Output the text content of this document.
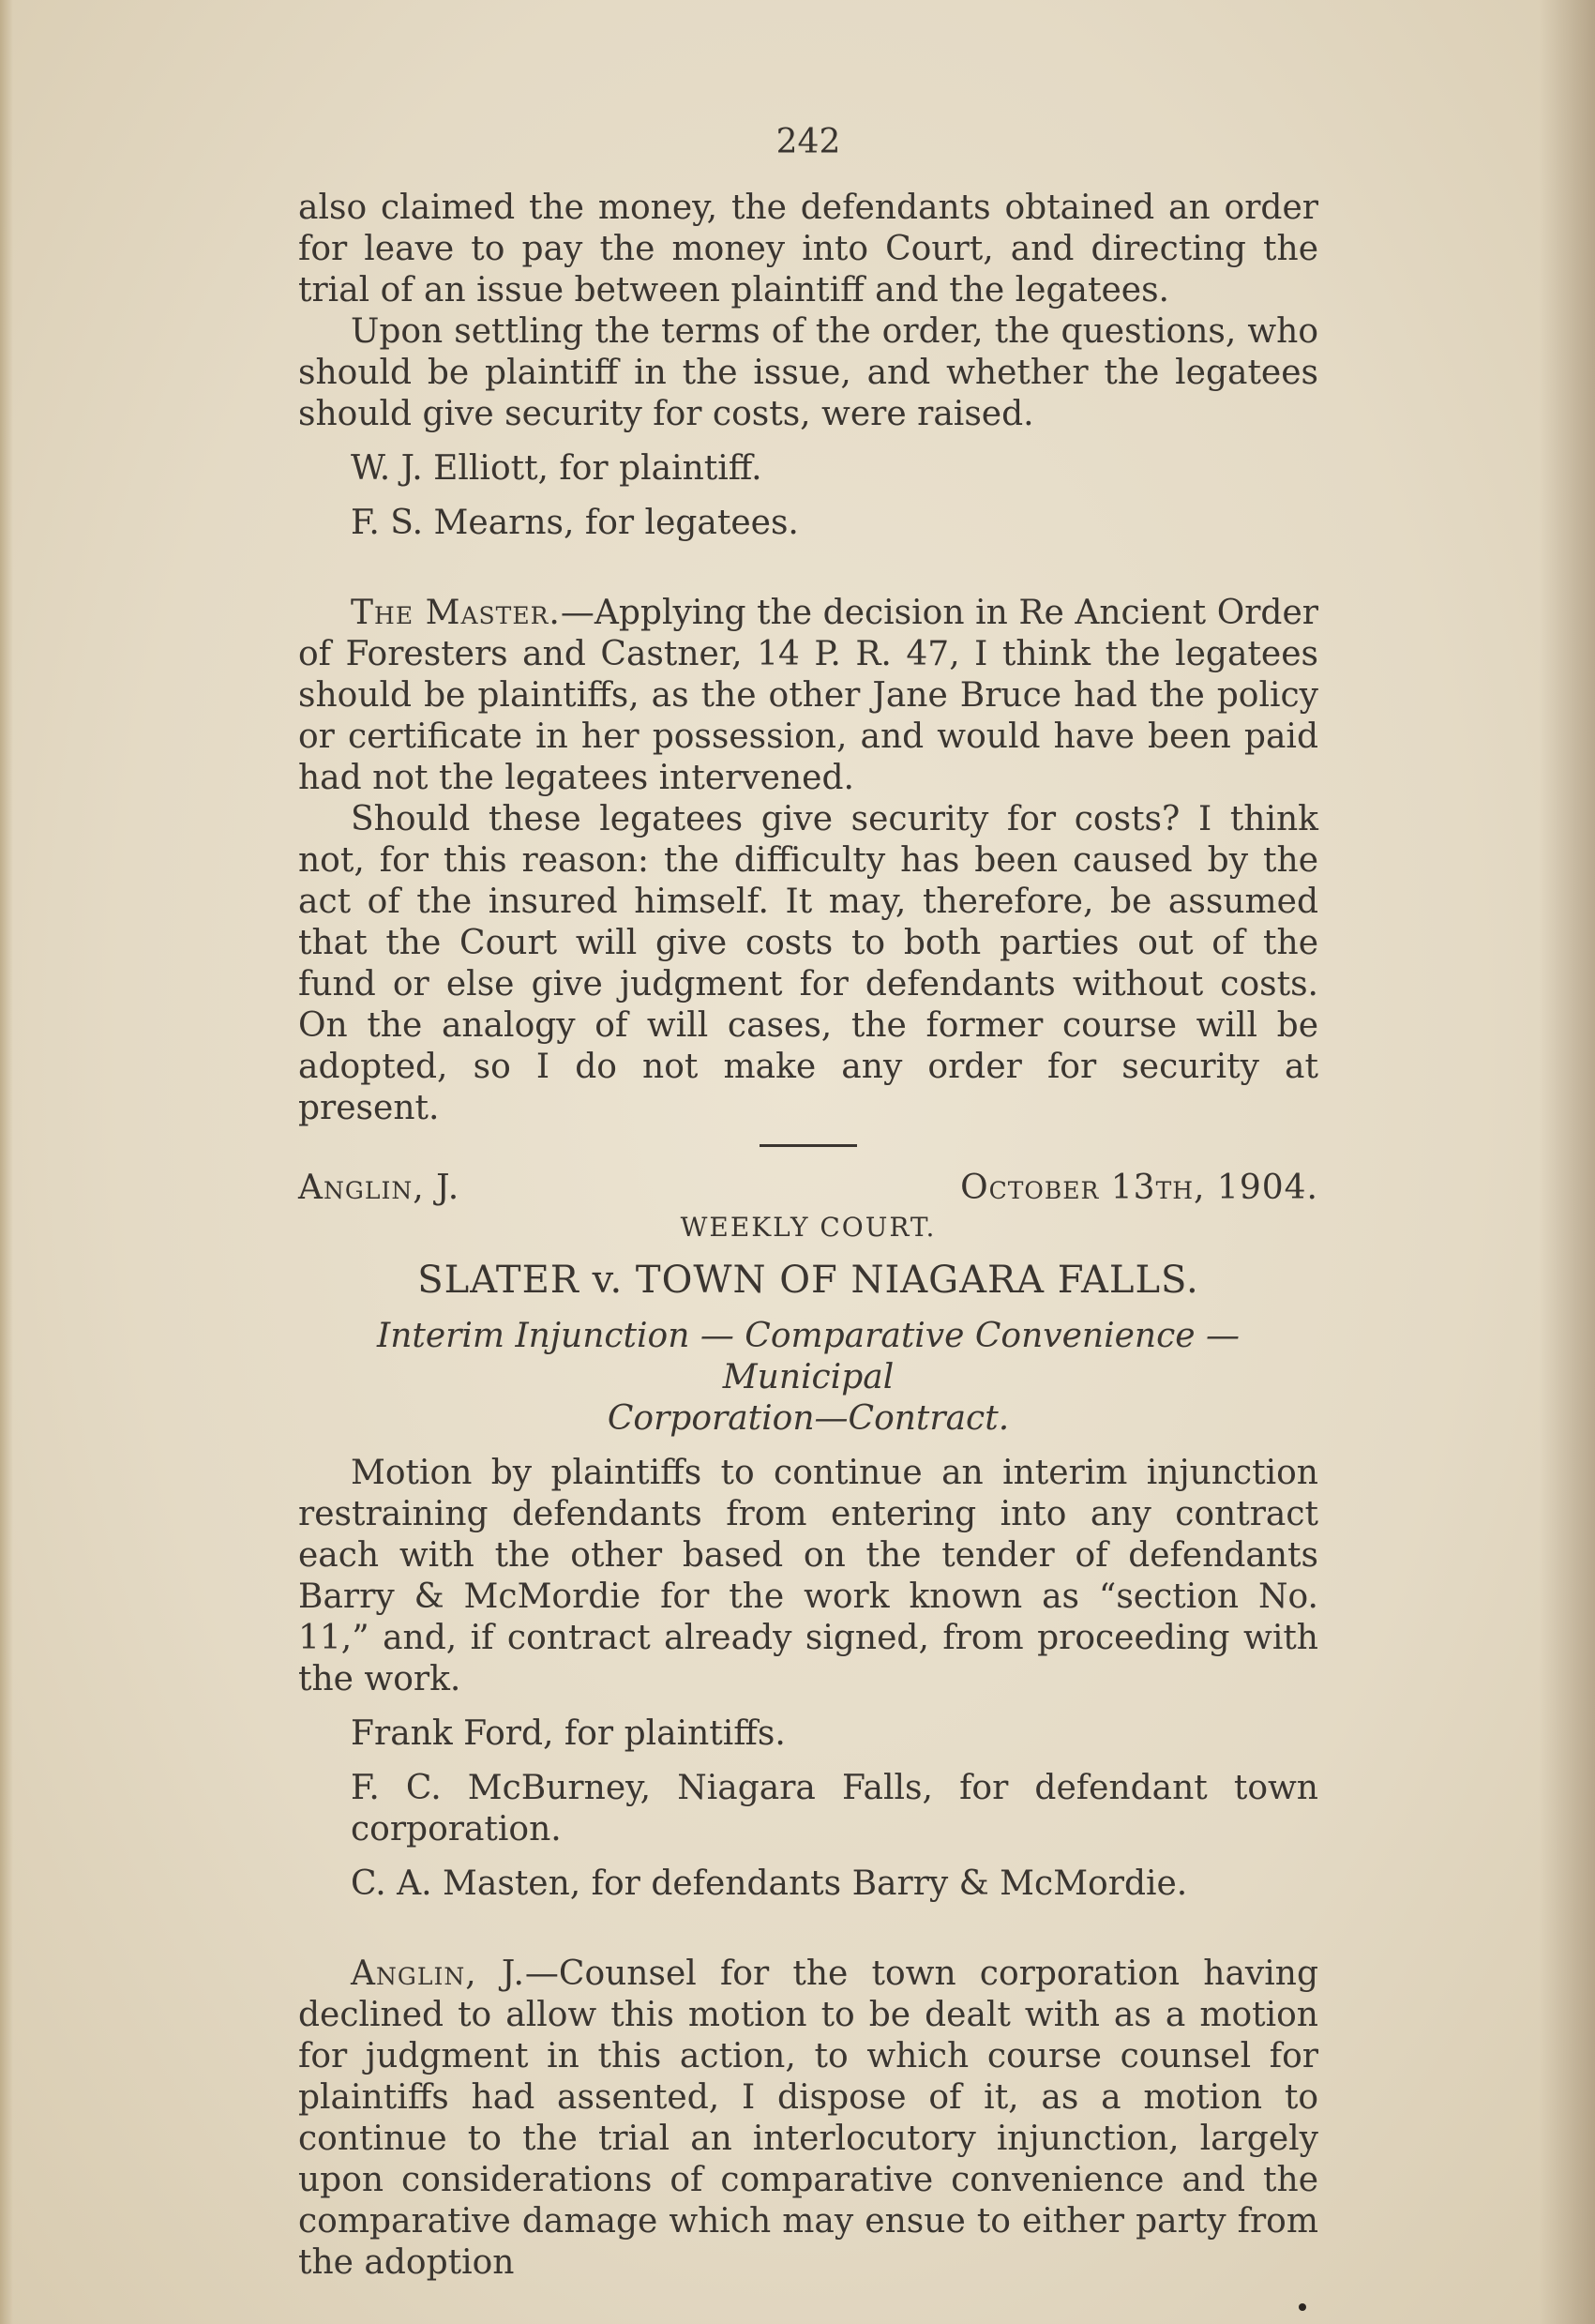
242

also claimed the money, the defendants obtained an order for leave to pay the money into Court, and directing the trial of an issue between plaintiff and the legatees.

Upon settling the terms of the order, the questions, who should be plaintiff in the issue, and whether the legatees should give security for costs, were raised.

W. J. Elliott, for plaintiff.

F. S. Mearns, for legatees.

The Master.—Applying the decision in Re Ancient Order of Foresters and Castner, 14 P. R. 47, I think the legatees should be plaintiffs, as the other Jane Bruce had the policy or certificate in her possession, and would have been paid had not the legatees intervened.

Should these legatees give security for costs? I think not, for this reason: the difficulty has been caused by the act of the insured himself. It may, therefore, be assumed that the Court will give costs to both parties out of the fund or else give judgment for defendants without costs. On the analogy of will cases, the former course will be adopted, so I do not make any order for security at present.

Anglin, J.	October 13th, 1904.
WEEKLY COURT.
SLATER v. TOWN OF NIAGARA FALLS.
Interim Injunction — Comparative Convenience — Municipal
Corporation—Contract.

Motion by plaintiffs to continue an interim injunction restraining defendants from entering into any contract each with the other based on the tender of defendants Barry & McMordie for the work known as “section No. 11,” and, if contract already signed, from proceeding with the work.

Frank Ford, for plaintiffs.

F. C. McBurney, Niagara Falls, for defendant town corporation.

C. A. Masten, for defendants Barry & McMordie.

Anglin, J.—Counsel for the town corporation having declined to allow this motion to be dealt with as a motion for judgment in this action, to which course counsel for plaintiffs had assented, I dispose of it, as a motion to continue to the trial an interlocutory injunction, largely upon considerations of comparative convenience and the comparative damage which may ensue to either party from the adoption
